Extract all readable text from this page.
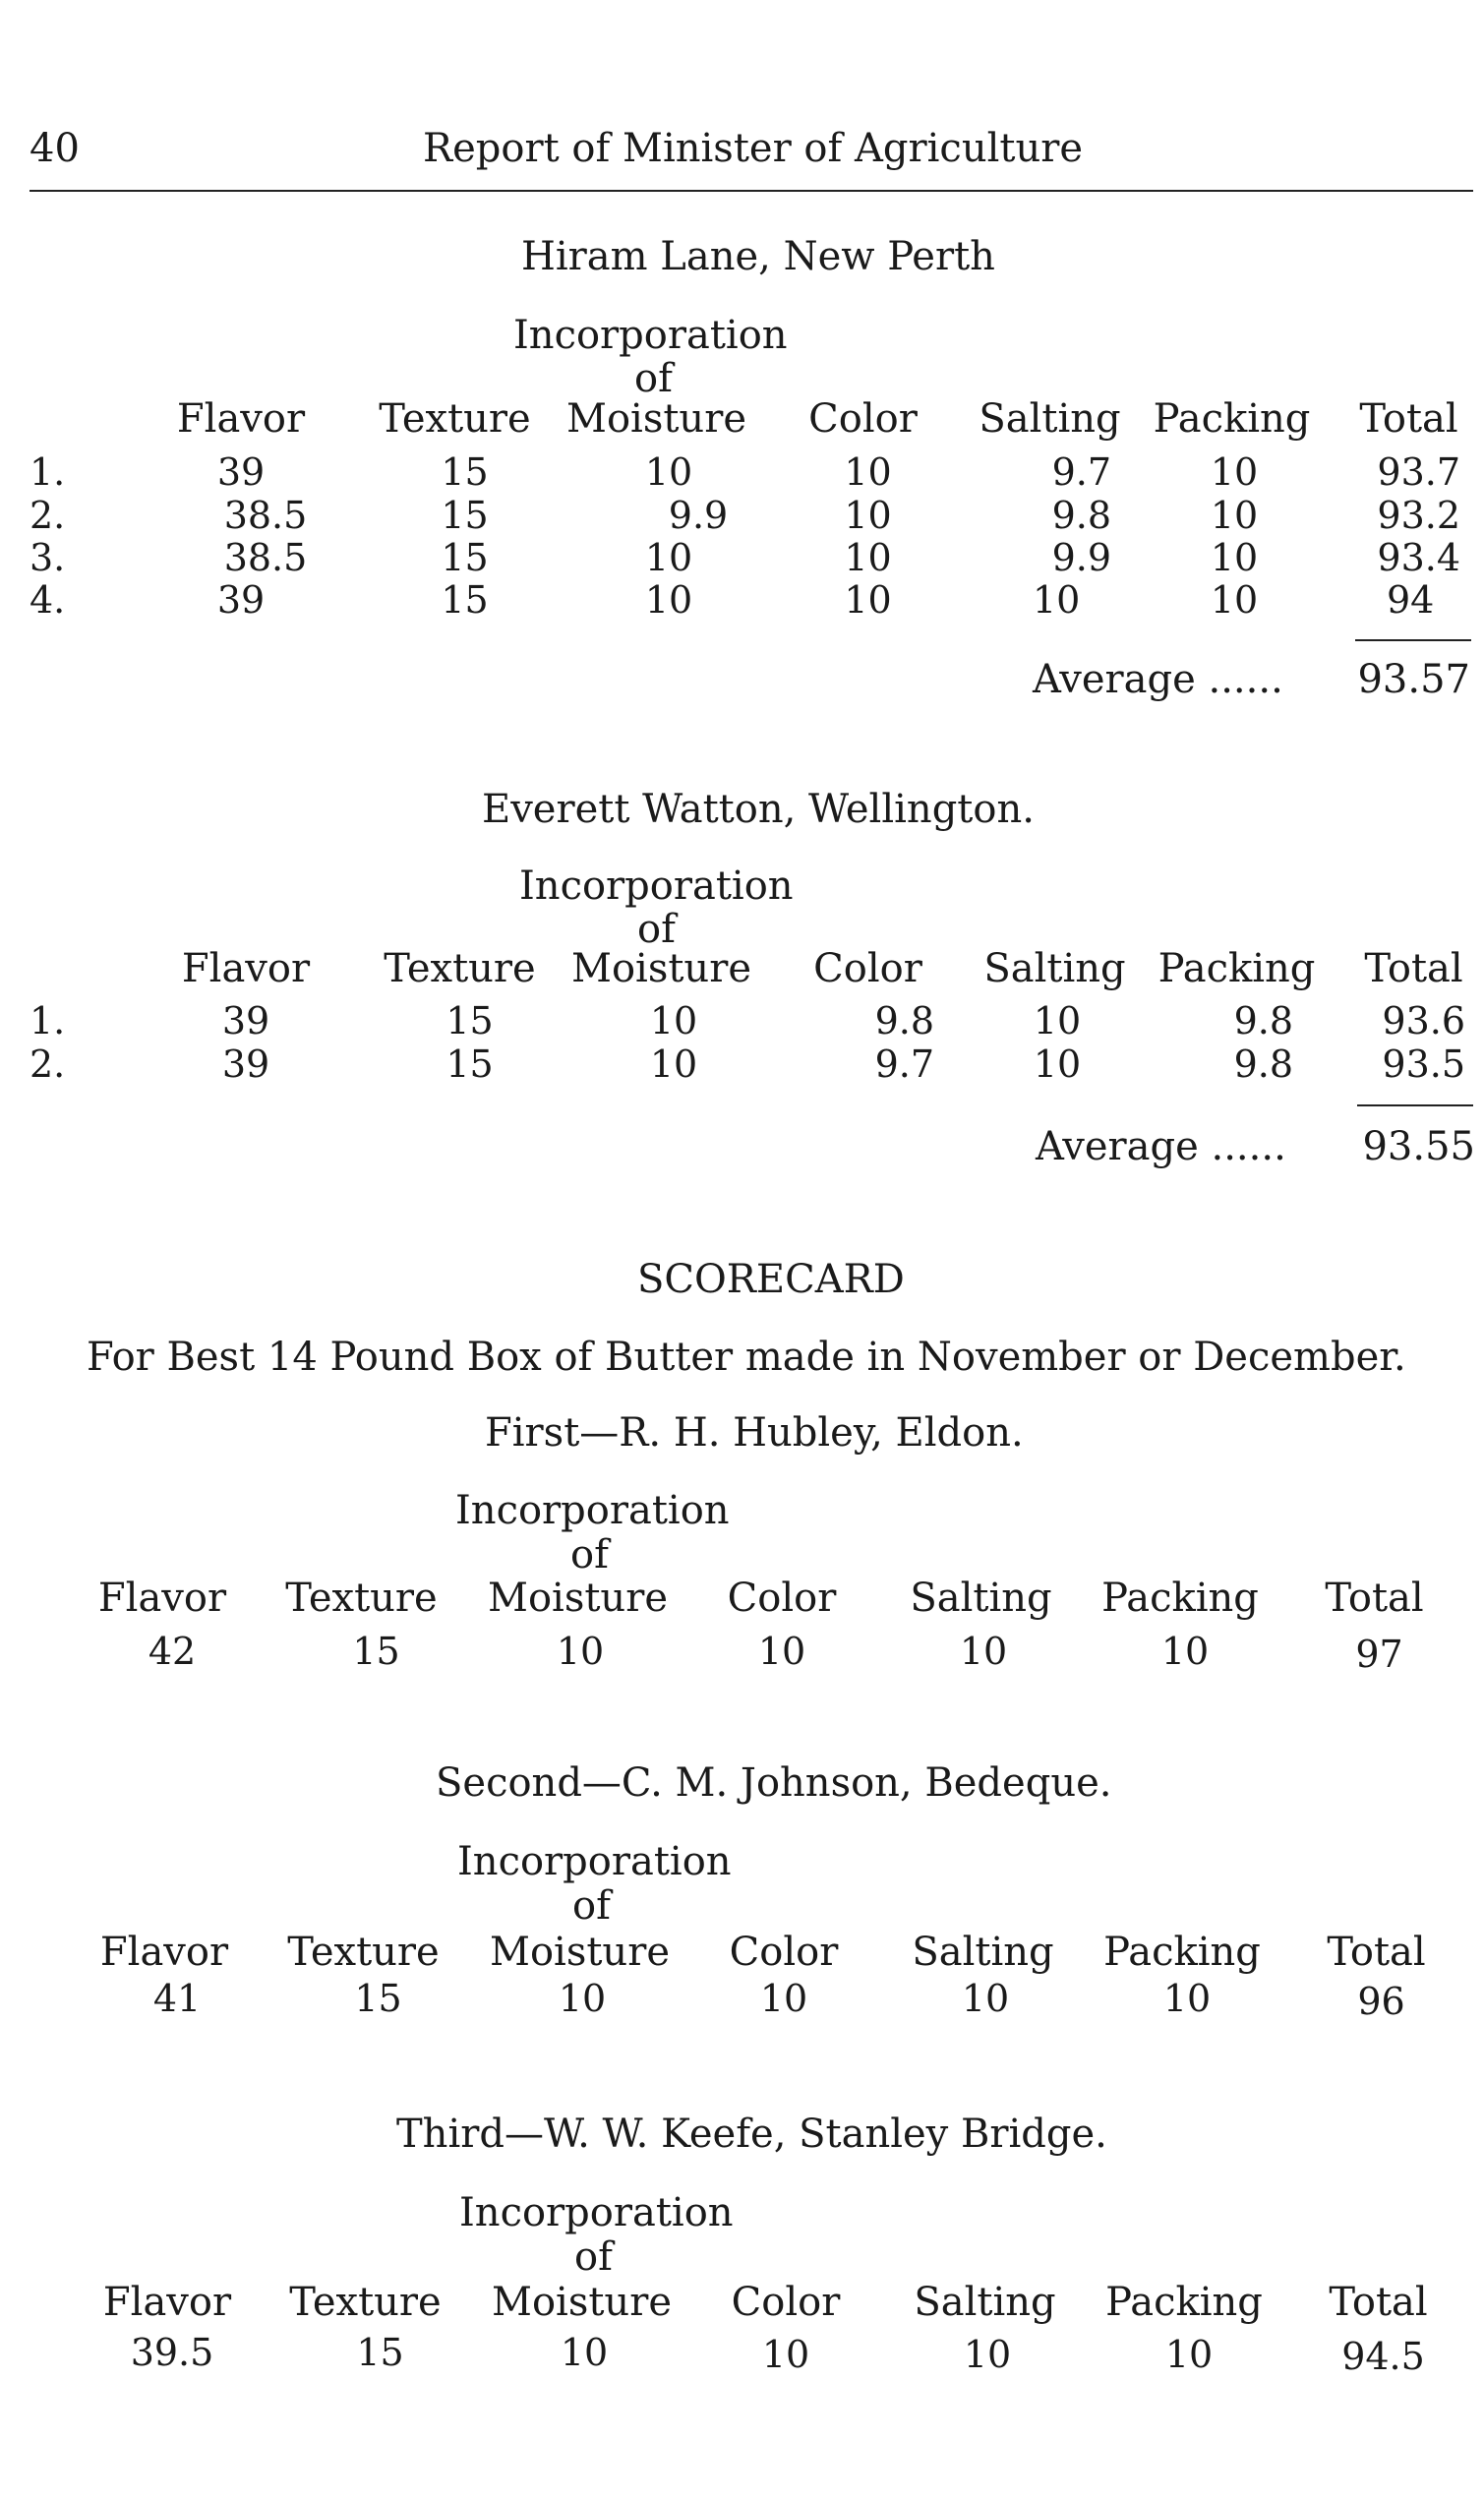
40	Report of Minister of Agriculture
Hiram Lane, New Perth
Incorporation
of
Flavor Texture Moisture Color Salting Packing Total
1.	39	15	10	10	9.7	10	93.7
2.	38.5	15	9.9	10	9.8	10	93.2
3.	38.5	15	10	10	9.9	10	93.4
4.	39	15	10	10	10	10	94
Average ......	93.57
Everett Watton, Wellington.
Incorporation
of
Flavor Texture Moisture Color Salting Packing Total
1.	39	15	10	9.8	10	9.8	93.6
2.	39	15	10	9.7	10	9.8	93.5
Average ......	93.55
SCORECARD
For Best 14 Pound Box of Butter made in November or December.
First—R. H. Hubley, Eldon.
Incorporation
of
Flavor Texture Moisture Color Salting Packing Total
42	15	10	10	10	10	97
Second—C. M. Johnson, Bedeque.
Incorporation
of
Flavor Texture Moisture Color Salting Packing Total
41	15	10	10	10	10	96
Third—W. W. Keefe, Stanley Bridge.
Incorporation
of
Flavor Texture Moisture Color Salting Packing Total
39.5	15	10	10	10	10	94.5
